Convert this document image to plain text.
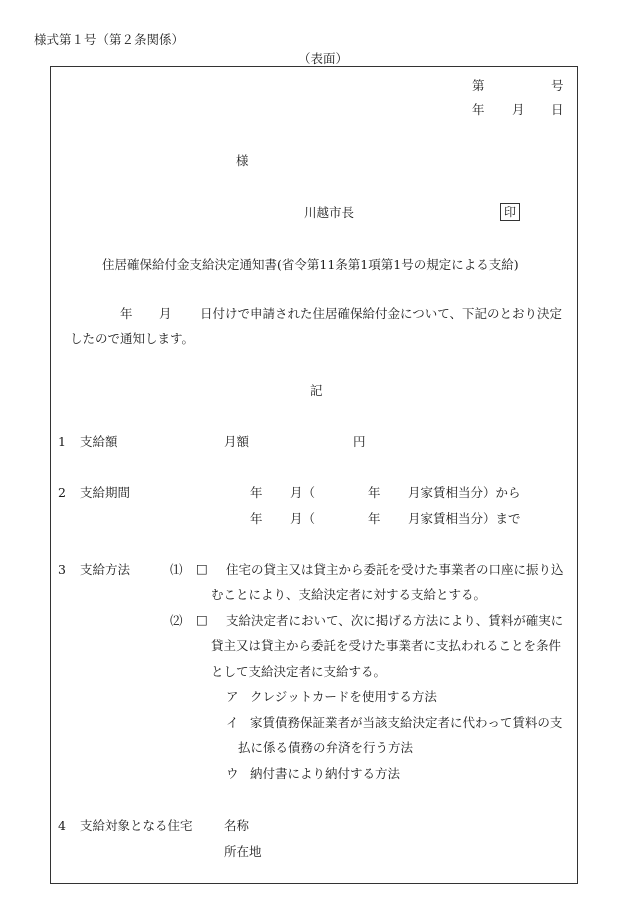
様式第１号（第２条関係）
（表面）
第	号
年 月 日
様
川越市長	印
住居確保給付金支給決定通知書(省令第11条第1項第1号の規定による支給)
年 月 日付けで申請された住居確保給付金について、下記のとおり決定
したので通知します。
記
1 支給額	月額	円
2 支給期間	年 月（	年 月家賃相当分）から
年 月（	年 月家賃相当分）まで
3 支給方法	⑴ □ 住宅の貸主又は貸主から委託を受けた事業者の口座に振り込
むことにより、支給決定者に対する支給とする。
⑵ □ 支給決定者において、次に掲げる方法により、賃料が確実に
貸主又は貸主から委託を受けた事業者に支払われることを条件
として支給決定者に支給する。
ア クレジットカードを使用する方法
イ 家賃債務保証業者が当該支給決定者に代わって賃料の支
払に係る債務の弁済を行う方法
ウ 納付書により納付する方法
4 支給対象となる住宅	名称
所在地
